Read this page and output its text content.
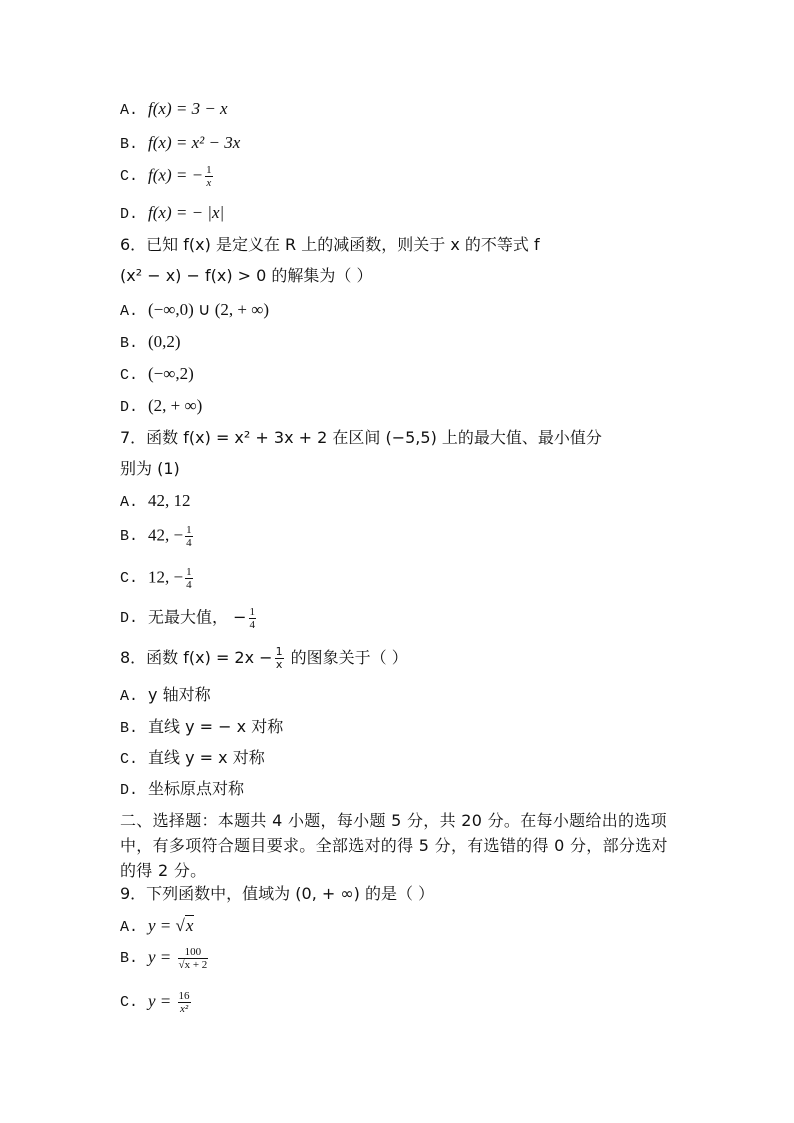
A. f(x) = 3 − x
B. f(x) = x² − 3x
C. f(x) = − $\frac{1}{x}$
D. f(x) = − |x|
6．已知 f(x) 是定义在 R 上的减函数，则关于 x 的不等式 f
(x² − x) − f(x) > 0 的解集为（ ）
A. (−∞,0) ∪ (2, + ∞)
B. (0,2)
C. (−∞,2)
D. (2, + ∞)
7．函数 f(x) = x² + 3x + 2 在区间 (−5,5) 上的最大值、最小值分
别为 (1)
A. 42, 12
B. 42, − $\frac{1}{4}$
C. 12, − $\frac{1}{4}$
D. 无最大值， − $\frac{1}{4}$
8．函数 $f(x) = 2x - \frac{1}{x}$ 的图象关于（ ）
A. y 轴对称
B. 直线 y = − x 对称
C. 直线 y = x 对称
D. 坐标原点对称
二、选择题：本题共 4 小题，每小题 5 分，共 20 分。在每小题给出的选项中，有多项符合题目要求。全部选对的得 5 分，有选错的得 0 分，部分选对的得 2 分。
9．下列函数中，值域为 (0, + ∞) 的是（ ）
A. y = √x
B. $y = \frac{100}{√x + 2}$
C. $y = \frac{16}{\text{x²}}$
